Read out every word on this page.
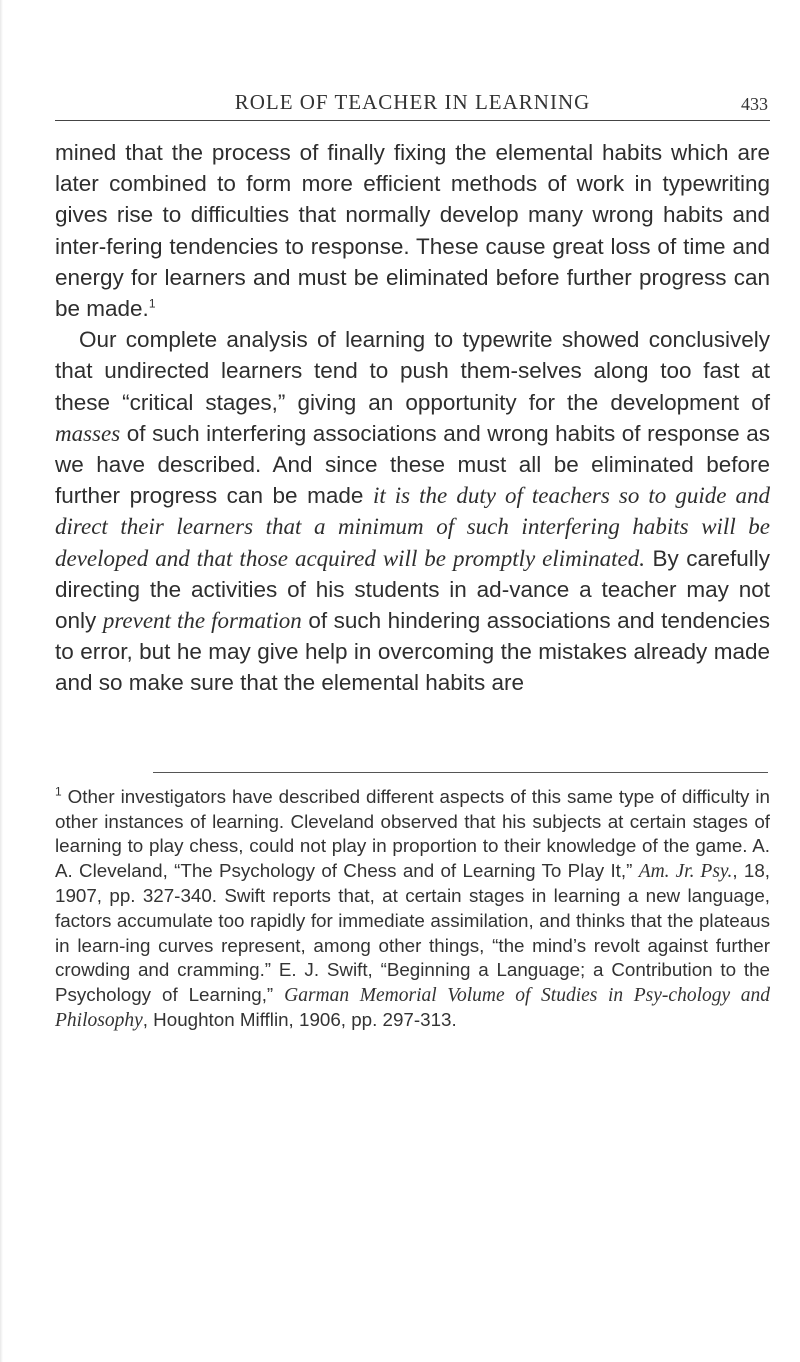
ROLE OF TEACHER IN LEARNING	433

mined that the process of finally fixing the elemental habits which are later combined to form more efficient methods of work in typewriting gives rise to difficulties that normally develop many wrong habits and inter-fering tendencies to response. These cause great loss of time and energy for learners and must be eliminated before further progress can be made.$^1$

Our complete analysis of learning to typewrite showed conclusively that undirected learners tend to push them-selves along too fast at these “critical stages,” giving an opportunity for the development of masses of such interfering associations and wrong habits of response as we have described. And since these must all be eliminated before further progress can be made it is the duty of teachers so to guide and direct their learners that a minimum of such interfering habits will be developed and that those acquired will be promptly eliminated. By carefully directing the activities of his students in ad-vance a teacher may not only prevent the formation of such hindering associations and tendencies to error, but he may give help in overcoming the mistakes already made and so make sure that the elemental habits are

$^1$ Other investigators have described different aspects of this same type of difficulty in other instances of learning. Cleveland observed that his subjects at certain stages of learning to play chess, could not play in proportion to their knowledge of the game. A. A. Cleveland, “The Psychology of Chess and of Learning To Play It,” Am. Jr. Psy., 18, 1907, pp. 327-340. Swift reports that, at certain stages in learning a new language, factors accumulate too rapidly for immediate assimilation, and thinks that the plateaus in learn-ing curves represent, among other things, “the mind’s revolt against further crowding and cramming.” E. J. Swift, “Beginning a Language; a Contribution to the Psychology of Learning,” Garman Memorial Volume of Studies in Psy-chology and Philosophy, Houghton Mifflin, 1906, pp. 297-313.
